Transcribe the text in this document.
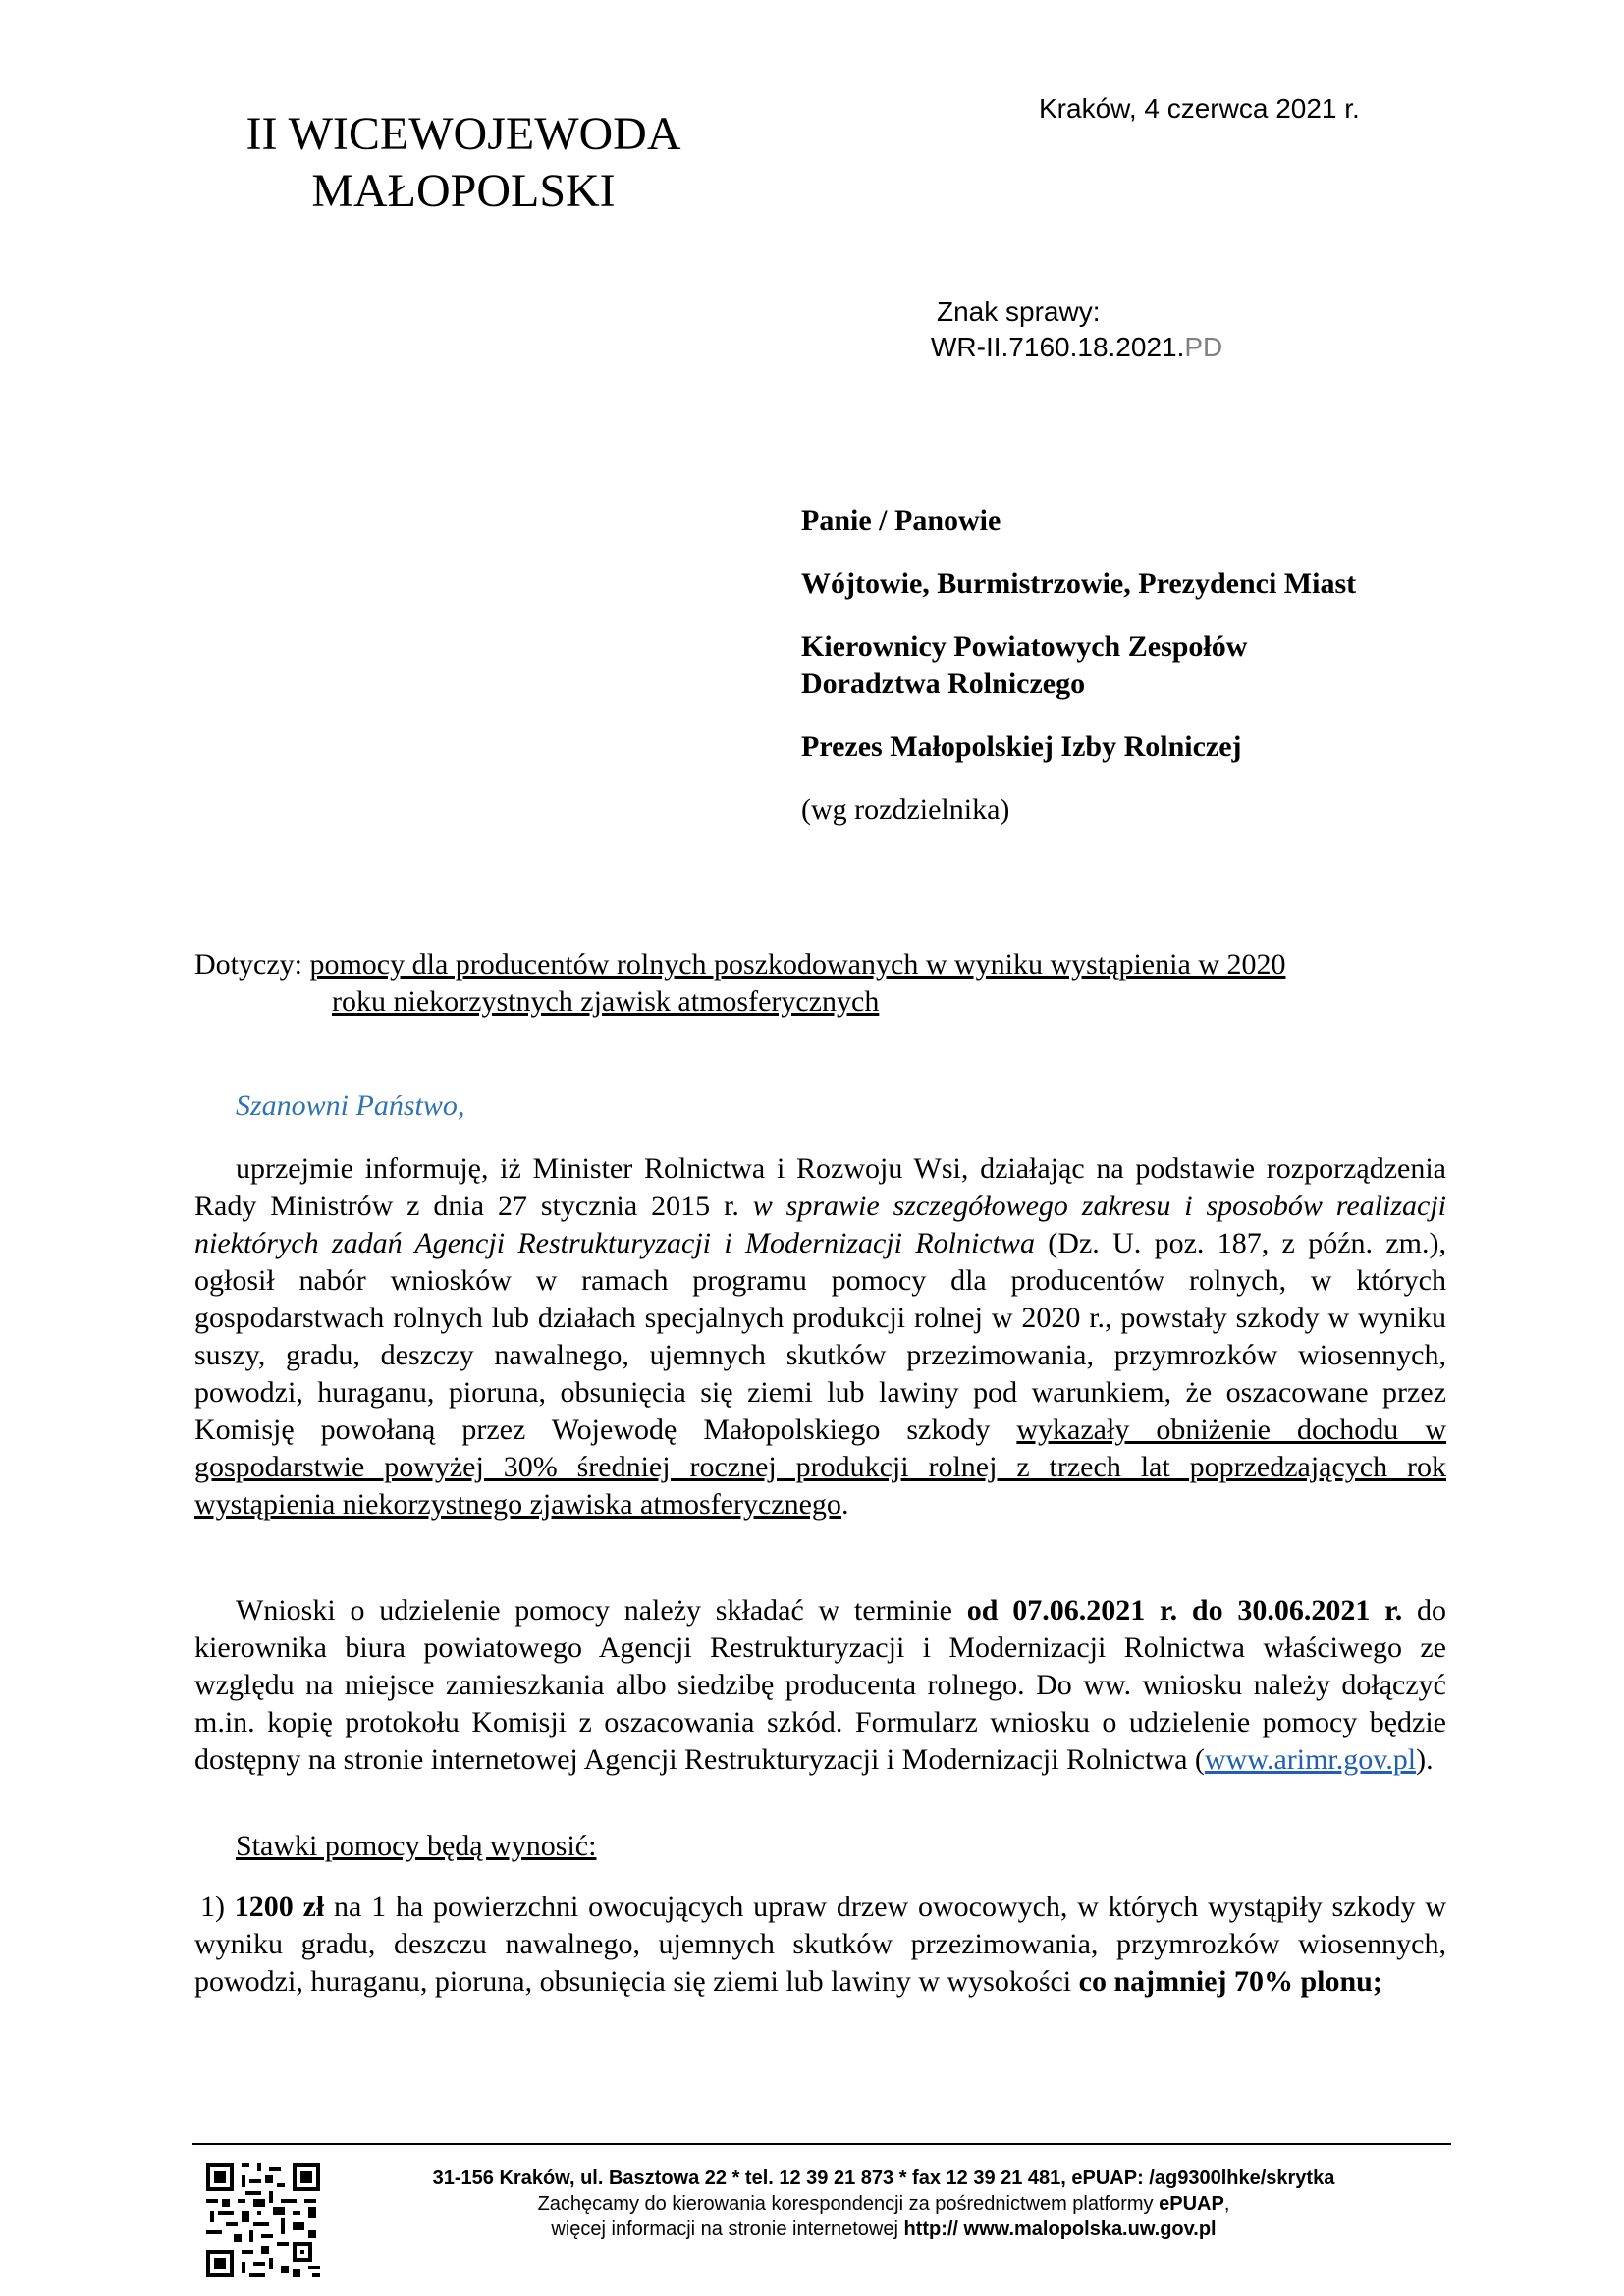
II WICEWOJEWODA
MAŁOPOLSKI
Kraków, 4 czerwca 2021 r.
Znak sprawy:
WR-II.7160.18.2021.PD
Panie / Panowie
Wójtowie, Burmistrzowie, Prezydenci Miast
Kierownicy Powiatowych Zespołów
Doradztwa Rolniczego
Prezes Małopolskiej Izby Rolniczej
(wg rozdzielnika)
Dotyczy: pomocy dla producentów rolnych poszkodowanych w wyniku wystąpienia w 2020
roku niekorzystnych zjawisk atmosferycznych
Szanowni Państwo,
uprzejmie informuję, iż Minister Rolnictwa i Rozwoju Wsi, działając na podstawie rozporządzenia Rady Ministrów z dnia 27 stycznia 2015 r. w sprawie szczegółowego zakresu i sposobów realizacji niektórych zadań Agencji Restrukturyzacji i Modernizacji Rolnictwa (Dz. U. poz. 187, z późn. zm.), ogłosił nabór wniosków w ramach programu pomocy dla producentów rolnych, w których gospodarstwach rolnych lub działach specjalnych produkcji rolnej w 2020 r., powstały szkody w wyniku suszy, gradu, deszczy nawalnego, ujemnych skutków przezimowania, przymrozków wiosennych, powodzi, huraganu, pioruna, obsunięcia się ziemi lub lawiny pod warunkiem, że oszacowane przez Komisję powołaną przez Wojewodę Małopolskiego szkody wykazały obniżenie dochodu w gospodarstwie powyżej 30% średniej rocznej produkcji rolnej z trzech lat poprzedzających rok wystąpienia niekorzystnego zjawiska atmosferycznego.
Wnioski o udzielenie pomocy należy składać w terminie od 07.06.2021 r. do 30.06.2021 r. do kierownika biura powiatowego Agencji Restrukturyzacji i Modernizacji Rolnictwa właściwego ze względu na miejsce zamieszkania albo siedzibę producenta rolnego. Do ww. wniosku należy dołączyć m.in. kopię protokołu Komisji z oszacowania szkód. Formularz wniosku o udzielenie pomocy będzie dostępny na stronie internetowej Agencji Restrukturyzacji i Modernizacji Rolnictwa (www.arimr.gov.pl).
Stawki pomocy będą wynosić:
1) 1200 zł na 1 ha powierzchni owocujących upraw drzew owocowych, w których wystąpiły szkody w wyniku gradu, deszczu nawalnego, ujemnych skutków przezimowania, przymrozków wiosennych, powodzi, huraganu, pioruna, obsunięcia się ziemi lub lawiny w wysokości co najmniej 70% plonu;
31-156 Kraków, ul. Basztowa 22 * tel. 12 39 21 873 * fax 12 39 21 481, ePUAP: /ag9300lhke/skrytka
Zachęcamy do kierowania korespondencji za pośrednictwem platformy ePUAP,
więcej informacji na stronie internetowej http:// www.malopolska.uw.gov.pl
